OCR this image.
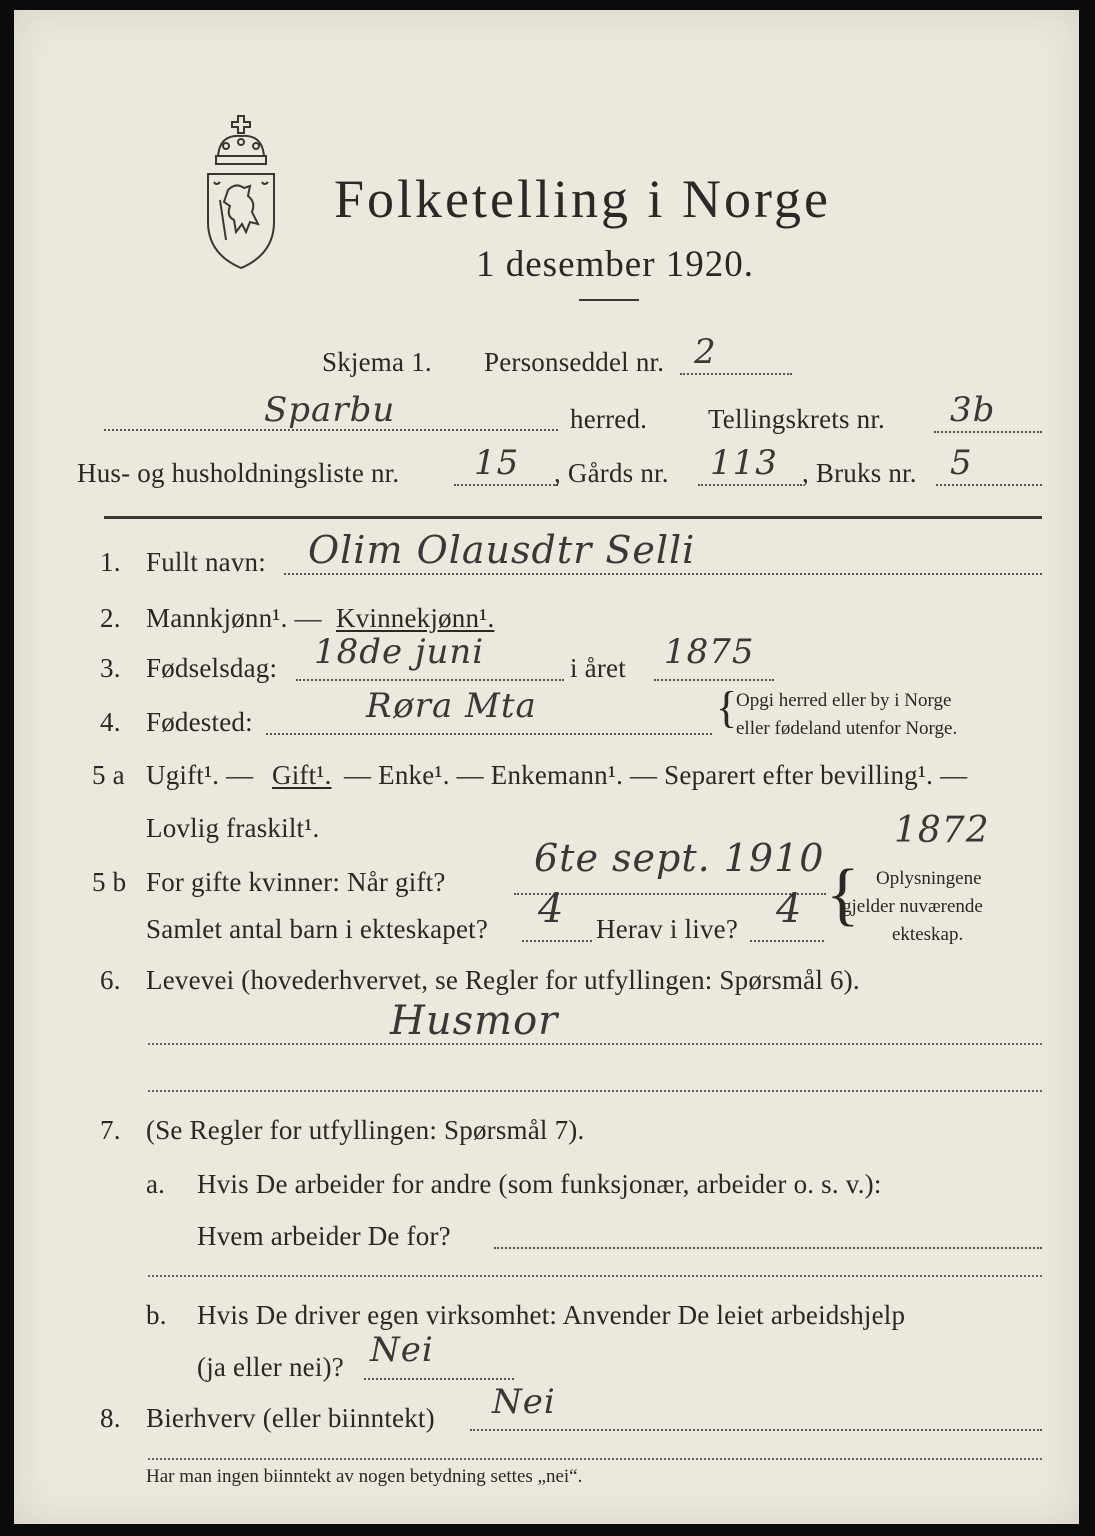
Folketelling i Norge
1 desember 1920.
Skjema 1. Personseddel nr. 2
Sparbu	herred. Tellingskrets nr. 3b
Hus- og husholdningsliste nr. 15 , Gårds nr. 113 , Bruks nr. 5
1. Fullt navn: Olim Olausdtr Selli
2. Mannkjønn¹. — Kvinnekjønn¹.
3. Fødselsdag: 18de juni	i året 1875
4. Fødested:	Røra Mta	{
Opgi herred eller by i Norge
eller fødeland utenfor Norge.
5 a Ugift¹. — Gift¹. — Enke¹. — Enkemann¹. — Separert efter bevilling¹. —
Lovlig fraskilt¹.
5 b For gifte kvinner: Når gift?
6te sept. 1910
1872
{ Oplysningene
gjelder nuværende
ekteskap.
Samlet antal barn i ekteskapet? 4 Herav i live? 4
6. Levevei (hovederhvervet, se Regler for utfyllingen: Spørsmål 6).
Husmor
7. (Se Regler for utfyllingen: Spørsmål 7).
a. Hvis De arbeider for andre (som funksjonær, arbeider o. s. v.):
Hvem arbeider De for?
b. Hvis De driver egen virksomhet: Anvender De leiet arbeidshjelp
(ja eller nei)? Nei
8. Bierhverv (eller biinntekt) Nei
Har man ingen biinntekt av nogen betydning settes „nei“.
